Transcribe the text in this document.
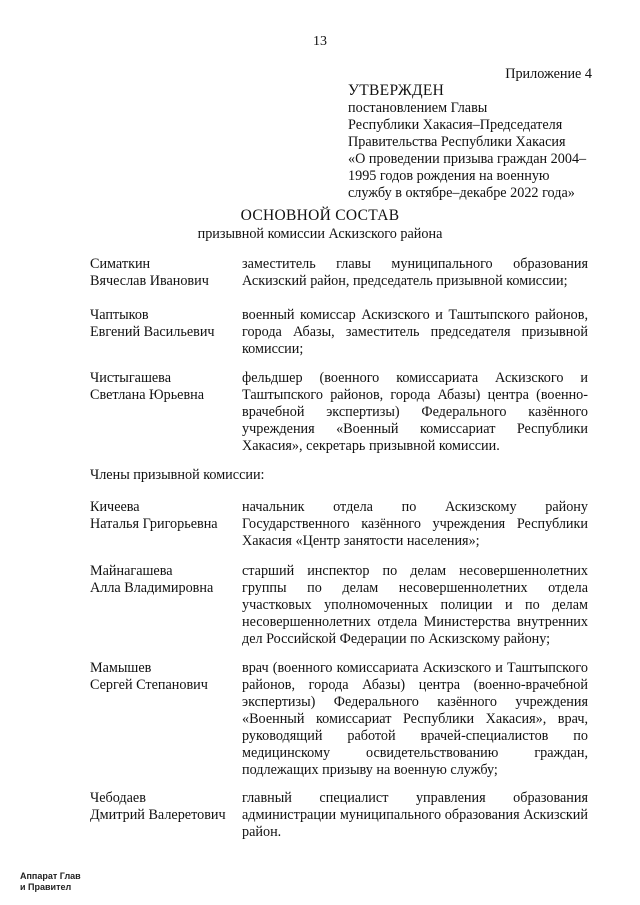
13
Приложение 4
УТВЕРЖДЕН
постановлением Главы
Республики Хакасия–Председателя
Правительства Республики Хакасия
«О проведении призыва граждан 2004–
1995 годов рождения на военную
службу в октябре–декабре 2022 года»
ОСНОВНОЙ СОСТАВ
призывной комиссии Аскизского района
Симаткин
Вячеслав Иванович
заместитель главы муниципального образования
Аскизский район, председатель призывной комиссии;
Чаптыков
Евгений Васильевич
военный комиссар Аскизского и Таштыпского районов,
города Абазы, заместитель председателя призывной
комиссии;
Чистыгашева
Светлана Юрьевна
фельдшер (военного комиссариата Аскизского и
Таштыпского районов, города Абазы) центра (военно-
врачебной экспертизы) Федерального казённого
учреждения «Военный комиссариат Республики
Хакасия», секретарь призывной комиссии.
Члены призывной комиссии:
Кичеева
Наталья Григорьевна
начальник отдела по Аскизскому району
Государственного казённого учреждения Республики
Хакасия «Центр занятости населения»;
Майнагашева
Алла Владимировна
старший инспектор по делам несовершеннолетних
группы по делам несовершеннолетних отдела
участковых уполномоченных полиции и по делам
несовершеннолетних отдела Министерства внутренних
дел Российской Федерации по Аскизскому району;
Мамышев
Сергей Степанович
врач (военного комиссариата Аскизского и Таштыпского
районов, города Абазы) центра (военно-врачебной
экспертизы) Федерального казённого учреждения
«Военный комиссариат Республики Хакасия», врач,
руководящий работой врачей-специалистов по
медицинскому освидетельствованию граждан,
подлежащих призыву на военную службу;
Чебодаев
Дмитрий Валеретович
главный специалист управления образования
администрации муниципального образования Аскизский
район.
Аппарат Глав
и Правител
